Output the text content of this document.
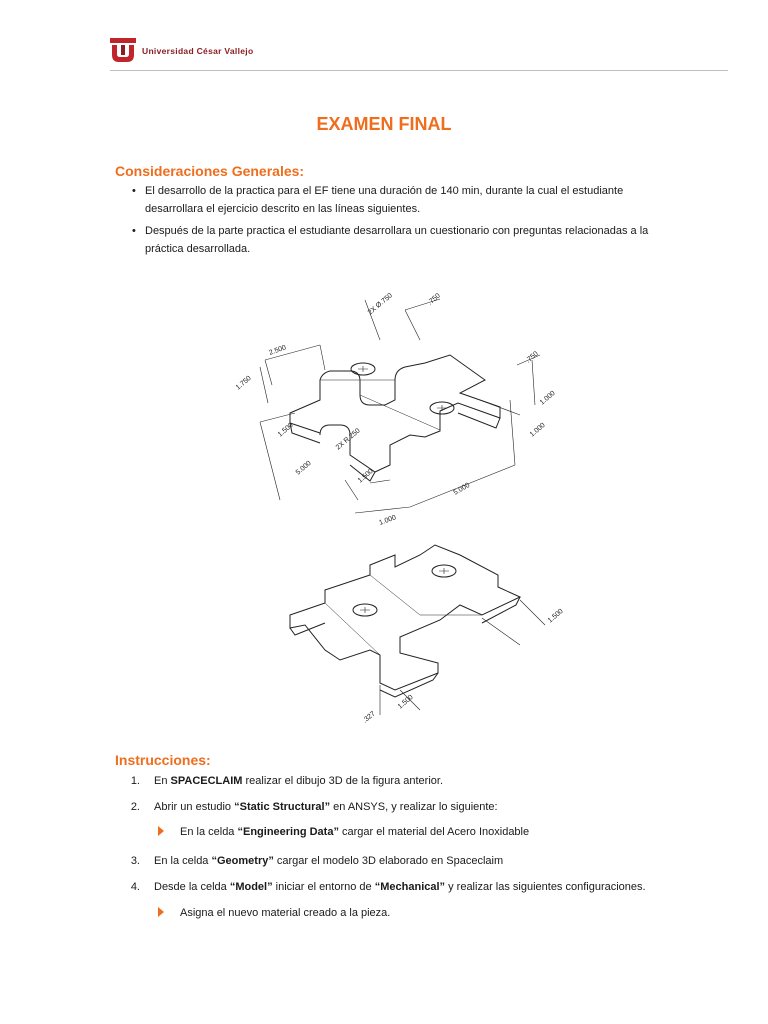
Universidad César Vallejo
EXAMEN FINAL
Consideraciones Generales:
• El desarrollo de la practica para el EF tiene una duración de 140 min, durante la cual el estudiante desarrollara el ejercicio descrito en las líneas siguientes.
• Después de la parte practica el estudiante desarrollara un cuestionario con preguntas relacionadas a la práctica desarrollada.
2X Ø.750	.750
2.500
1.750
.750
1.000
1.500	2X R.250	1.000
5.000	1.500
1.000
5.000
1.500
.327
1.500
Instrucciones:
1. En SPACECLAIM realizar el dibujo 3D de la figura anterior.
2. Abrir un estudio “Static Structural” en ANSYS, y realizar lo siguiente:
En la celda “Engineering Data” cargar el material del Acero Inoxidable
3. En la celda “Geometry” cargar el modelo 3D elaborado en Spaceclaim
4. Desde la celda “Model” iniciar el entorno de “Mechanical” y realizar las siguientes configuraciones.
Asigna el nuevo material creado a la pieza.
